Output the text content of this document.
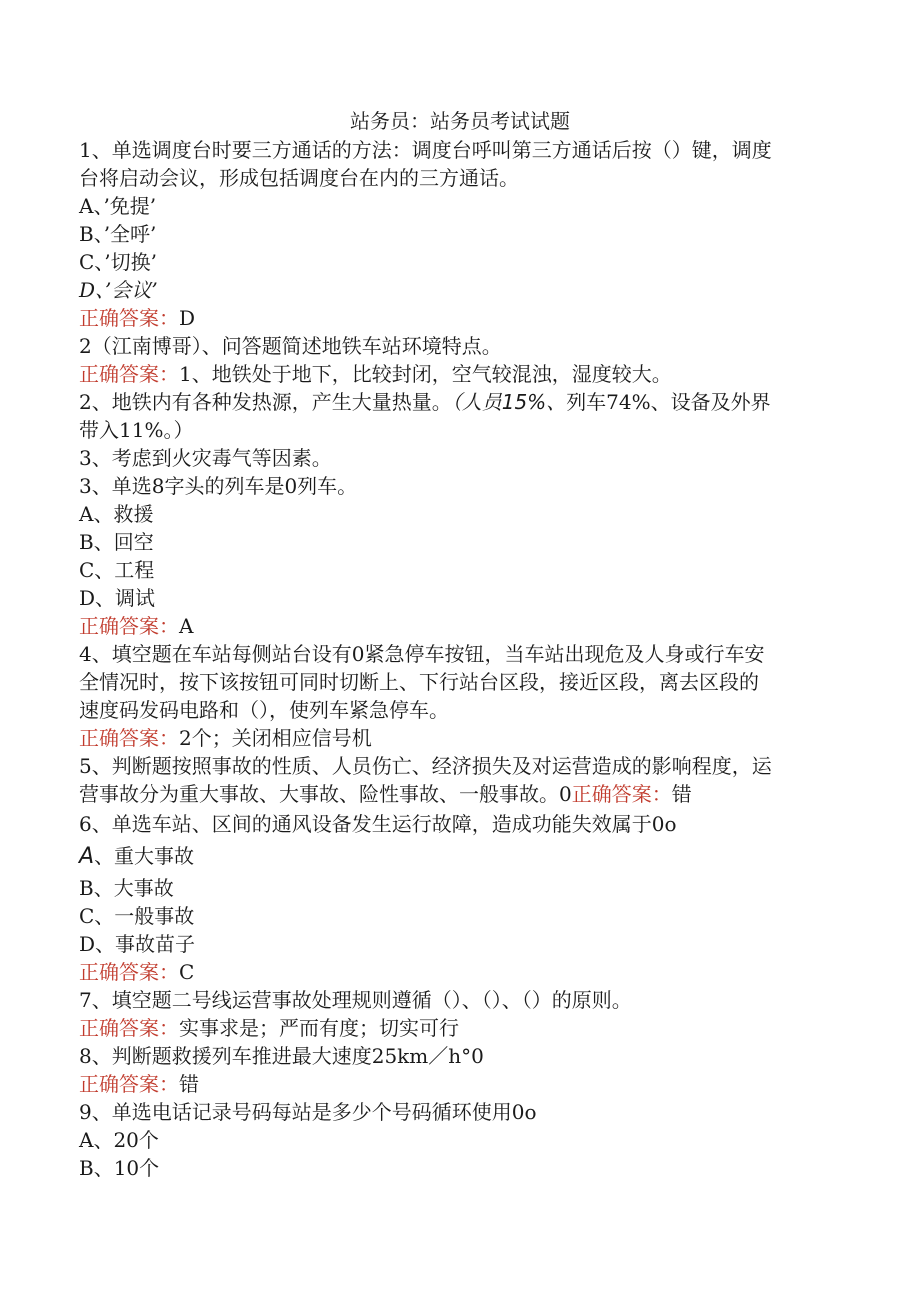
站务员：站务员考试试题
1、单选调度台时要三方通话的方法：调度台呼叫第三方通话后按（）键，调度
台将启动会议，形成包括调度台在内的三方通话。
A、’免提’
B、’全呼’
C、’切换’
D、’会议’
正确答案：D
2（江南博哥）、问答题简述地铁车站环境特点。
正确答案：1、地铁处于地下，比较封闭，空气较混浊，湿度较大。
2、地铁内有各种发热源，产生大量热量。（人员15%、列车74%、设备及外界
带入11%。）
3、考虑到火灾毒气等因素。
3、单选8字头的列车是0列车。
A、救援
B、回空
C、工程
D、调试
正确答案：A
4、填空题在车站每侧站台设有0紧急停车按钮，当车站出现危及人身或行车安
全情况时，按下该按钮可同时切断上、下行站台区段，接近区段，离去区段的
速度码发码电路和（），使列车紧急停车。
正确答案：2个；关闭相应信号机
5、判断题按照事故的性质、人员伤亡、经济损失及对运营造成的影响程度，运
营事故分为重大事故、大事故、险性事故、一般事故。0正确答案：错
6、单选车站、区间的通风设备发生运行故障，造成功能失效属于0o
A、重大事故
B、大事故
C、一般事故
D、事故苗子
正确答案：C
7、填空题二号线运营事故处理规则遵循（）、（）、（）的原则。
正确答案：实事求是；严而有度；切实可行
8、判断题救援列车推进最大速度25km／h°0
正确答案：错
9、单选电话记录号码每站是多少个号码循环使用0o
A、20个
B、10个
